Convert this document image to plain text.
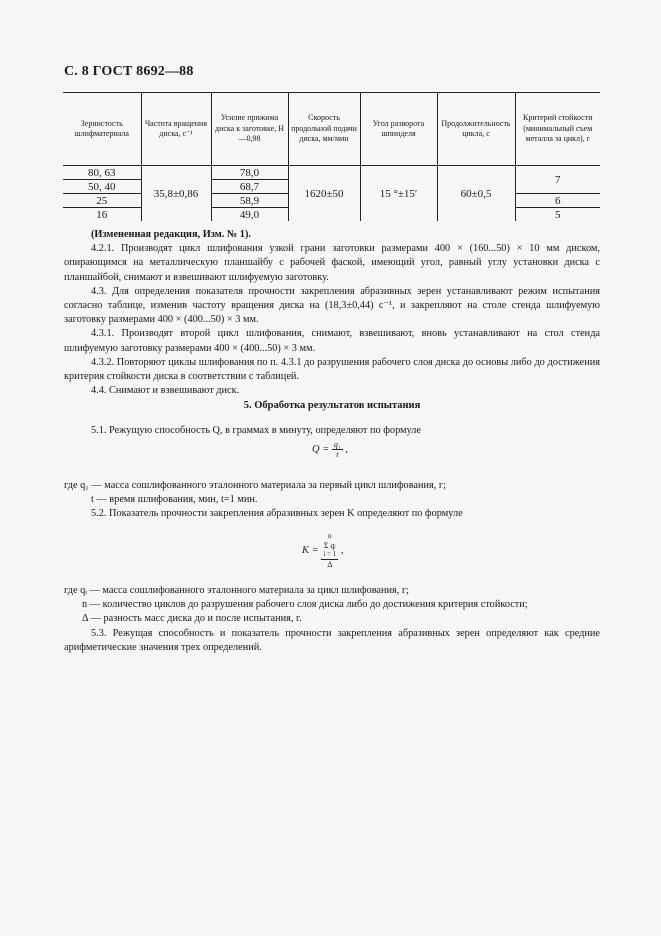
С. 8 ГОСТ 8692—88
Зернистость шлифматериала	Частота вращения диска, с⁻¹	Усилие прижима диска к заготовке, Н —0,98	Скорость продольной подачи диска, мм/мин	Угол разворота шпинделя	Продолжительность цикла, с	Критерий стойкости (минимальный съем металла за цикл), г
80, 63	35,8±0,86	78,0	1620±50	15 °±15′	60±0,5	7
50, 40		68,7				
25		58,9				6
16		49,0				5
(Измененная редакция, Изм. № 1).
4.2.1. Производят цикл шлифования узкой грани заготовки размерами 400 × (160...50) × 10 мм диском, опирающимся на металлическую планшайбу с рабочей фаской, имеющий угол, равный углу установки диска с планшайбой, снимают и взвешивают шлифуемую заготовку.
4.3. Для определения показателя прочности закрепления абразивных зерен устанавливают режим испытания согласно таблице, изменив частоту вращения диска на (18,3±0,44) с⁻¹, и закрепляют на столе стенда шлифуемую заготовку размерами 400 × (400...50) × 3 мм.
4.3.1. Производят второй цикл шлифования, снимают, взвешивают, вновь устанавливают на стол стенда шлифуемую заготовку размерами 400 × (400...50) × 3 мм.
4.3.2. Повторяют циклы шлифования по п. 4.3.1 до разрушения рабочего слоя диска до основы либо до достижения критерия стойкости диска в соответствии с таблицей.
4.4. Снимают и взвешивают диск.
5. Обработка результатов испытания
5.1. Режущую способность Q, в граммах в минуту, определяют по формуле
$Q = \frac{\text{q₁}}{t}$ ,
где q₁ — масса сошлифованного эталонного материала за первый цикл шлифования, г;
t — время шлифования, мин, t=1 мин.
5.2. Показатель прочности закрепления абразивных зерен K определяют по формуле
K = n
Σ qᵢ
i = 1
Δ ,
где qᵢ — масса сошлифованного эталонного материала за цикл шлифования, г;
n — количество циклов до разрушения рабочего слоя диска либо до достижения критерия стойкости;
Δ — разность масс диска до и после испытания, г.
5.3. Режущая способность и показатель прочности закрепления абразивных зерен определяют как средние арифметические значения трех определений.
